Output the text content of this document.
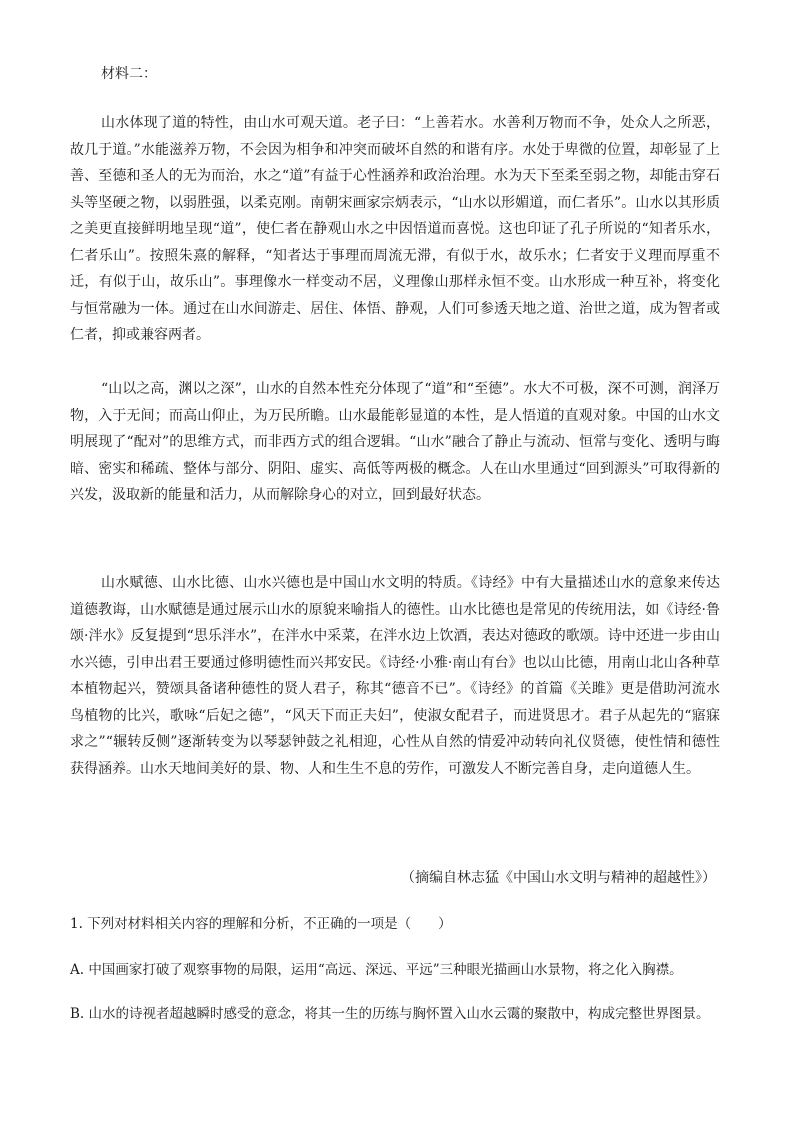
材料二：

山水体现了道的特性，由山水可观天道。老子曰：“上善若水。水善利万物而不争，处众人之所恶，故几于道。”水能滋养万物，不会因为相争和冲突而破坏自然的和谐有序。水处于卑微的位置，却彰显了上善、至德和圣人的无为而治，水之“道”有益于心性涵养和政治治理。水为天下至柔至弱之物，却能击穿石头等坚硬之物，以弱胜强，以柔克刚。南朝宋画家宗炳表示，“山水以形媚道，而仁者乐”。山水以其形质之美更直接鲜明地呈现“道”，使仁者在静观山水之中因悟道而喜悦。这也印证了孔子所说的“知者乐水，仁者乐山”。按照朱熹的解释，“知者达于事理而周流无滞，有似于水，故乐水；仁者安于义理而厚重不迁，有似于山，故乐山”。事理像水一样变动不居，义理像山那样永恒不变。山水形成一种互补，将变化与恒常融为一体。通过在山水间游走、居住、体悟、静观，人们可参透天地之道、治世之道，成为智者或仁者，抑或兼容两者。

“山以之高，渊以之深”，山水的自然本性充分体现了“道”和“至德”。水大不可极，深不可测，润泽万物，入于无间；而高山仰止，为万民所瞻。山水最能彰显道的本性，是人悟道的直观对象。中国的山水文明展现了“配对”的思维方式，而非西方式的组合逻辑。“山水”融合了静止与流动、恒常与变化、透明与晦暗、密实和稀疏、整体与部分、阴阳、虚实、高低等两极的概念。人在山水里通过“回到源头”可取得新的兴发，汲取新的能量和活力，从而解除身心的对立，回到最好状态。

山水赋德、山水比德、山水兴德也是中国山水文明的特质。《诗经》中有大量描述山水的意象来传达道德教诲，山水赋德是通过展示山水的原貌来喻指人的德性。山水比德也是常见的传统用法，如《诗经·鲁颂·泮水》反复提到“思乐泮水”，在泮水中采菜，在泮水边上饮酒，表达对德政的歌颂。诗中还进一步由山水兴德，引申出君王要通过修明德性而兴邦安民。《诗经·小雅·南山有台》也以山比德，用南山北山各种草本植物起兴，赞颂具备诸种德性的贤人君子，称其“德音不已”。《诗经》的首篇《关雎》更是借助河流水鸟植物的比兴，歌咏“后妃之德”，“风天下而正夫妇”，使淑女配君子，而进贤思才。君子从起先的“寤寐求之”“辗转反侧”逐渐转变为以琴瑟钟鼓之礼相迎，心性从自然的情爱冲动转向礼仪贤德，使性情和德性获得涵养。山水天地间美好的景、物、人和生生不息的劳作，可激发人不断完善自身，走向道德人生。

（摘编自林志猛《中国山水文明与精神的超越性》）
1. 下列对材料相关内容的理解和分析，不正确的一项是（　　）
A. 中国画家打破了观察事物的局限，运用“高远、深远、平远”三种眼光描画山水景物，将之化入胸襟。
B. 山水的诗视者超越瞬时感受的意念，将其一生的历练与胸怀置入山水云霭的聚散中，构成完整世界图景。
